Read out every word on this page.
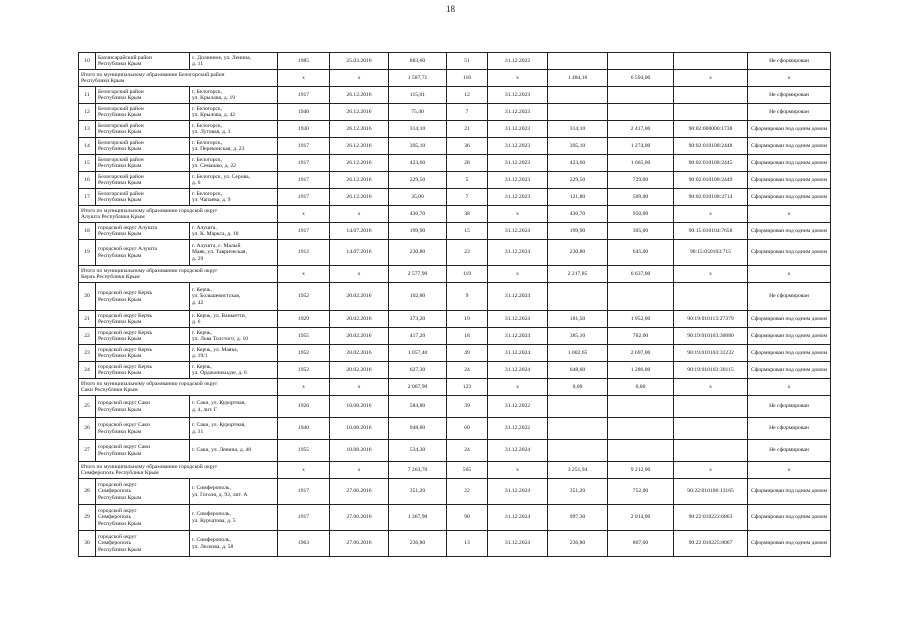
18
10	Бахчисарайский район
Республики Крым	с. Долинное, ул. Ленина,
д. 11	1985	25.03.2016	883,60	51	31.12.2022				Не сформирован
Итого по муниципальному образованию Белогорский район
Республики Крым			x	x	1 587,71	116	x	1 484,10	6 594,00	x	x
11	Белогорский район
Республики Крым	г. Белогорск,
ул. Крылова, д. 19	1917	26.12.2016	115,01	12	31.12.2023				Не сформирован
12	Белогорский район
Республики Крым	г. Белогорск,
ул. Крылова, д. 42	1940	26.12.2016	75,40	7	31.12.2023				Не сформирован
13	Белогорский район
Республики Крым	г. Белогорск,
ул. Луговая, д. 3	1930	26.12.2016	314,10	21	31.12.2023	314,10	2 417,00	90:02:000000:1738	Сформирован под одним домом
14	Белогорский район
Республики Крым	г. Белогорск,
ул. Переконская, д. 23	1917	26.12.2016	395,10	36	31.12.2023	395,10	1 274,00	90:02:010108:2448	Сформирован под одним домом
15	Белогорский район
Республики Крым	г. Белогорск,
ул. Семашко, д. 22	1917	26.12.2016	423,60	28	31.12.2023	423,60	1 665,00	90:02:010108:2445	Сформирован под одним домом
16	Белогорский район
Республики Крым	г. Белогорск, ул. Серова,
д. 6	1917	26.12.2016	229,50	5	31.12.2023	229,50	729,00	90:02:010108:2449	Сформирован под одним домом
17	Белогорский район
Республики Крым	г. Белогорск,
ул. Чапаева, д. 9	1917	26.12.2016	35,00	7	31.12.2023	121,80	509,00	90:02:010108:2714	Сформирован под одним домом
Итого по муниципальному образованию городской округ
Алушта Республики Крым			x	x	430,70	38	x	430,70	950,00	x	x
18	городской округ Алушта
Республики Крым	г. Алушта,
ул. К. Маркса, д. 18	1917	14.07.2016	199,90	15	31.12.2024	199,90	305,00	90:15:010104:7658	Сформирован под одним домом
19	городской округ Алушта
Республики Крым	г. Алушта, с. Малый
Маяк, ул. Таврическая,
д. 29	1912	14.07.2016	230,80	23	31.12.2024	230,80	645,00	90:15:050103:715	Сформирован под одним домом
Итого по муниципальному образованию городской округ
Керчь Республики Крым			x	x	2 577,90	119	x	2 217,85	6 637,00	x	x
20	городской округ Керчь
Республики Крым	г. Керчь,
ул. Большевистская,
д. 42	1952	20.02.2016	102,80	9	31.12.2024				Не сформирован
21	городской округ Керчь
Республики Крым	г. Керчь, ул. Ваныетти,
д. 6	1929	20.02.2016	373,20	19	31.12.2024	181,50	1 952,00	90:19:010113:27379	Сформирован под одним домом
22	городской округ Керчь
Республики Крым	г. Керчь,
ул. Льва Толстого, д. 10	1955	20.02.2016	417,20	18	31.12.2024	385,10	702,00	90:19:010103:30680	Сформирован под одним домом
23	городской округ Керчь
Республики Крым	г. Керчь, ул. Маяка,
д. 19/1	1952	20.02.2016	1 057,40	49	31.12.2024	1 002,65	2 697,00	90:19:010103:31232	Сформирован под одним домом
24	городской округ Керчь
Республики Крым	г. Керчь,
ул. Орджоникидзе, д. 6	1952	20.02.2016	627,30	24	31.12.2024	648,60	1 286,00	90:19:010103:30115	Сформирован под одним домом
Итого по муниципальному образованию городской округ
Саки Республики Крым			x	x	2 067,90	123	x	0,00	0,00	x	x
25	городской округ Саки
Республики Крым	г. Саки, ул. Курортная,
д. 4, лит. Г	1926	10.08.2016	584,80	39	31.12.2022				Не сформирован
26	городской округ Саки
Республики Крым	г. Саки, ул. Курортная,
д. 31	1940	10.08.2016	948,80	60	31.12.2022				Не сформирован
27	городской округ Саки
Республики Крым	г. Саки, ул. Ленина, д. 48	1955	10.08.2016	534,30	24	31.12.2024				Не сформирован
Итого по муниципальному образованию городской округ
Симферополь Республики Крым			x	x	7 263,70	565	x	3 251,94	9 212,00	x	x
28	городской округ
Симферополь
Республики Крым	г. Симферополь,
ул. Гоголя, д. 93, лит. А	1917	27.06.2016	351,20	22	31.12.2024	351,20	752,00	90:22:010106:13165	Сформирован под одним домом
29	городской округ
Симферополь
Республики Крым	г. Симферополь,
ул. Курчатова, д. 5	1917	27.06.2016	1 367,90	90	31.12.2024	997,30	2 014,00	90:22:010222:6863	Сформирован под одним домом
30	городской округ
Симферополь
Республики Крым	г. Симферополь,
ул. Лескова, д. 58	1963	27.06.2016	236,80	13	31.12.2024	236,80	867,00	90:22:010225:8067	Сформирован под одним домом
